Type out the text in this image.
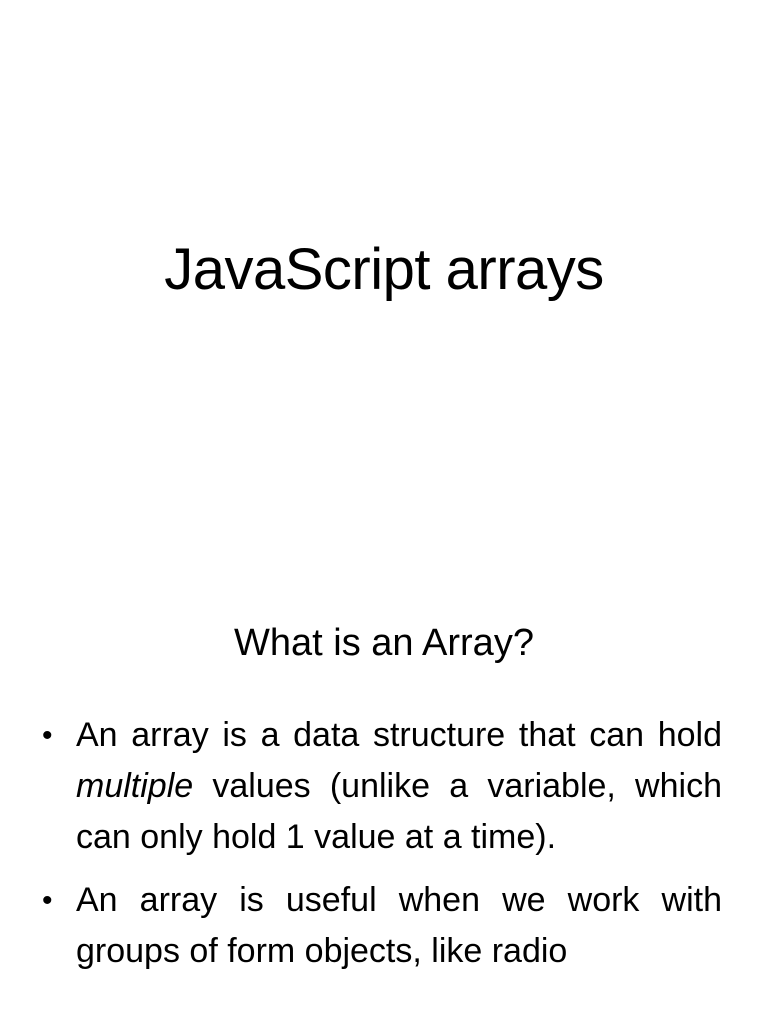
JavaScript arrays
What is an Array?
• An array is a data structure that can hold multiple values (unlike a variable, which can only hold 1 value at a time).
• An array is useful when we work with groups of form objects, like radio
